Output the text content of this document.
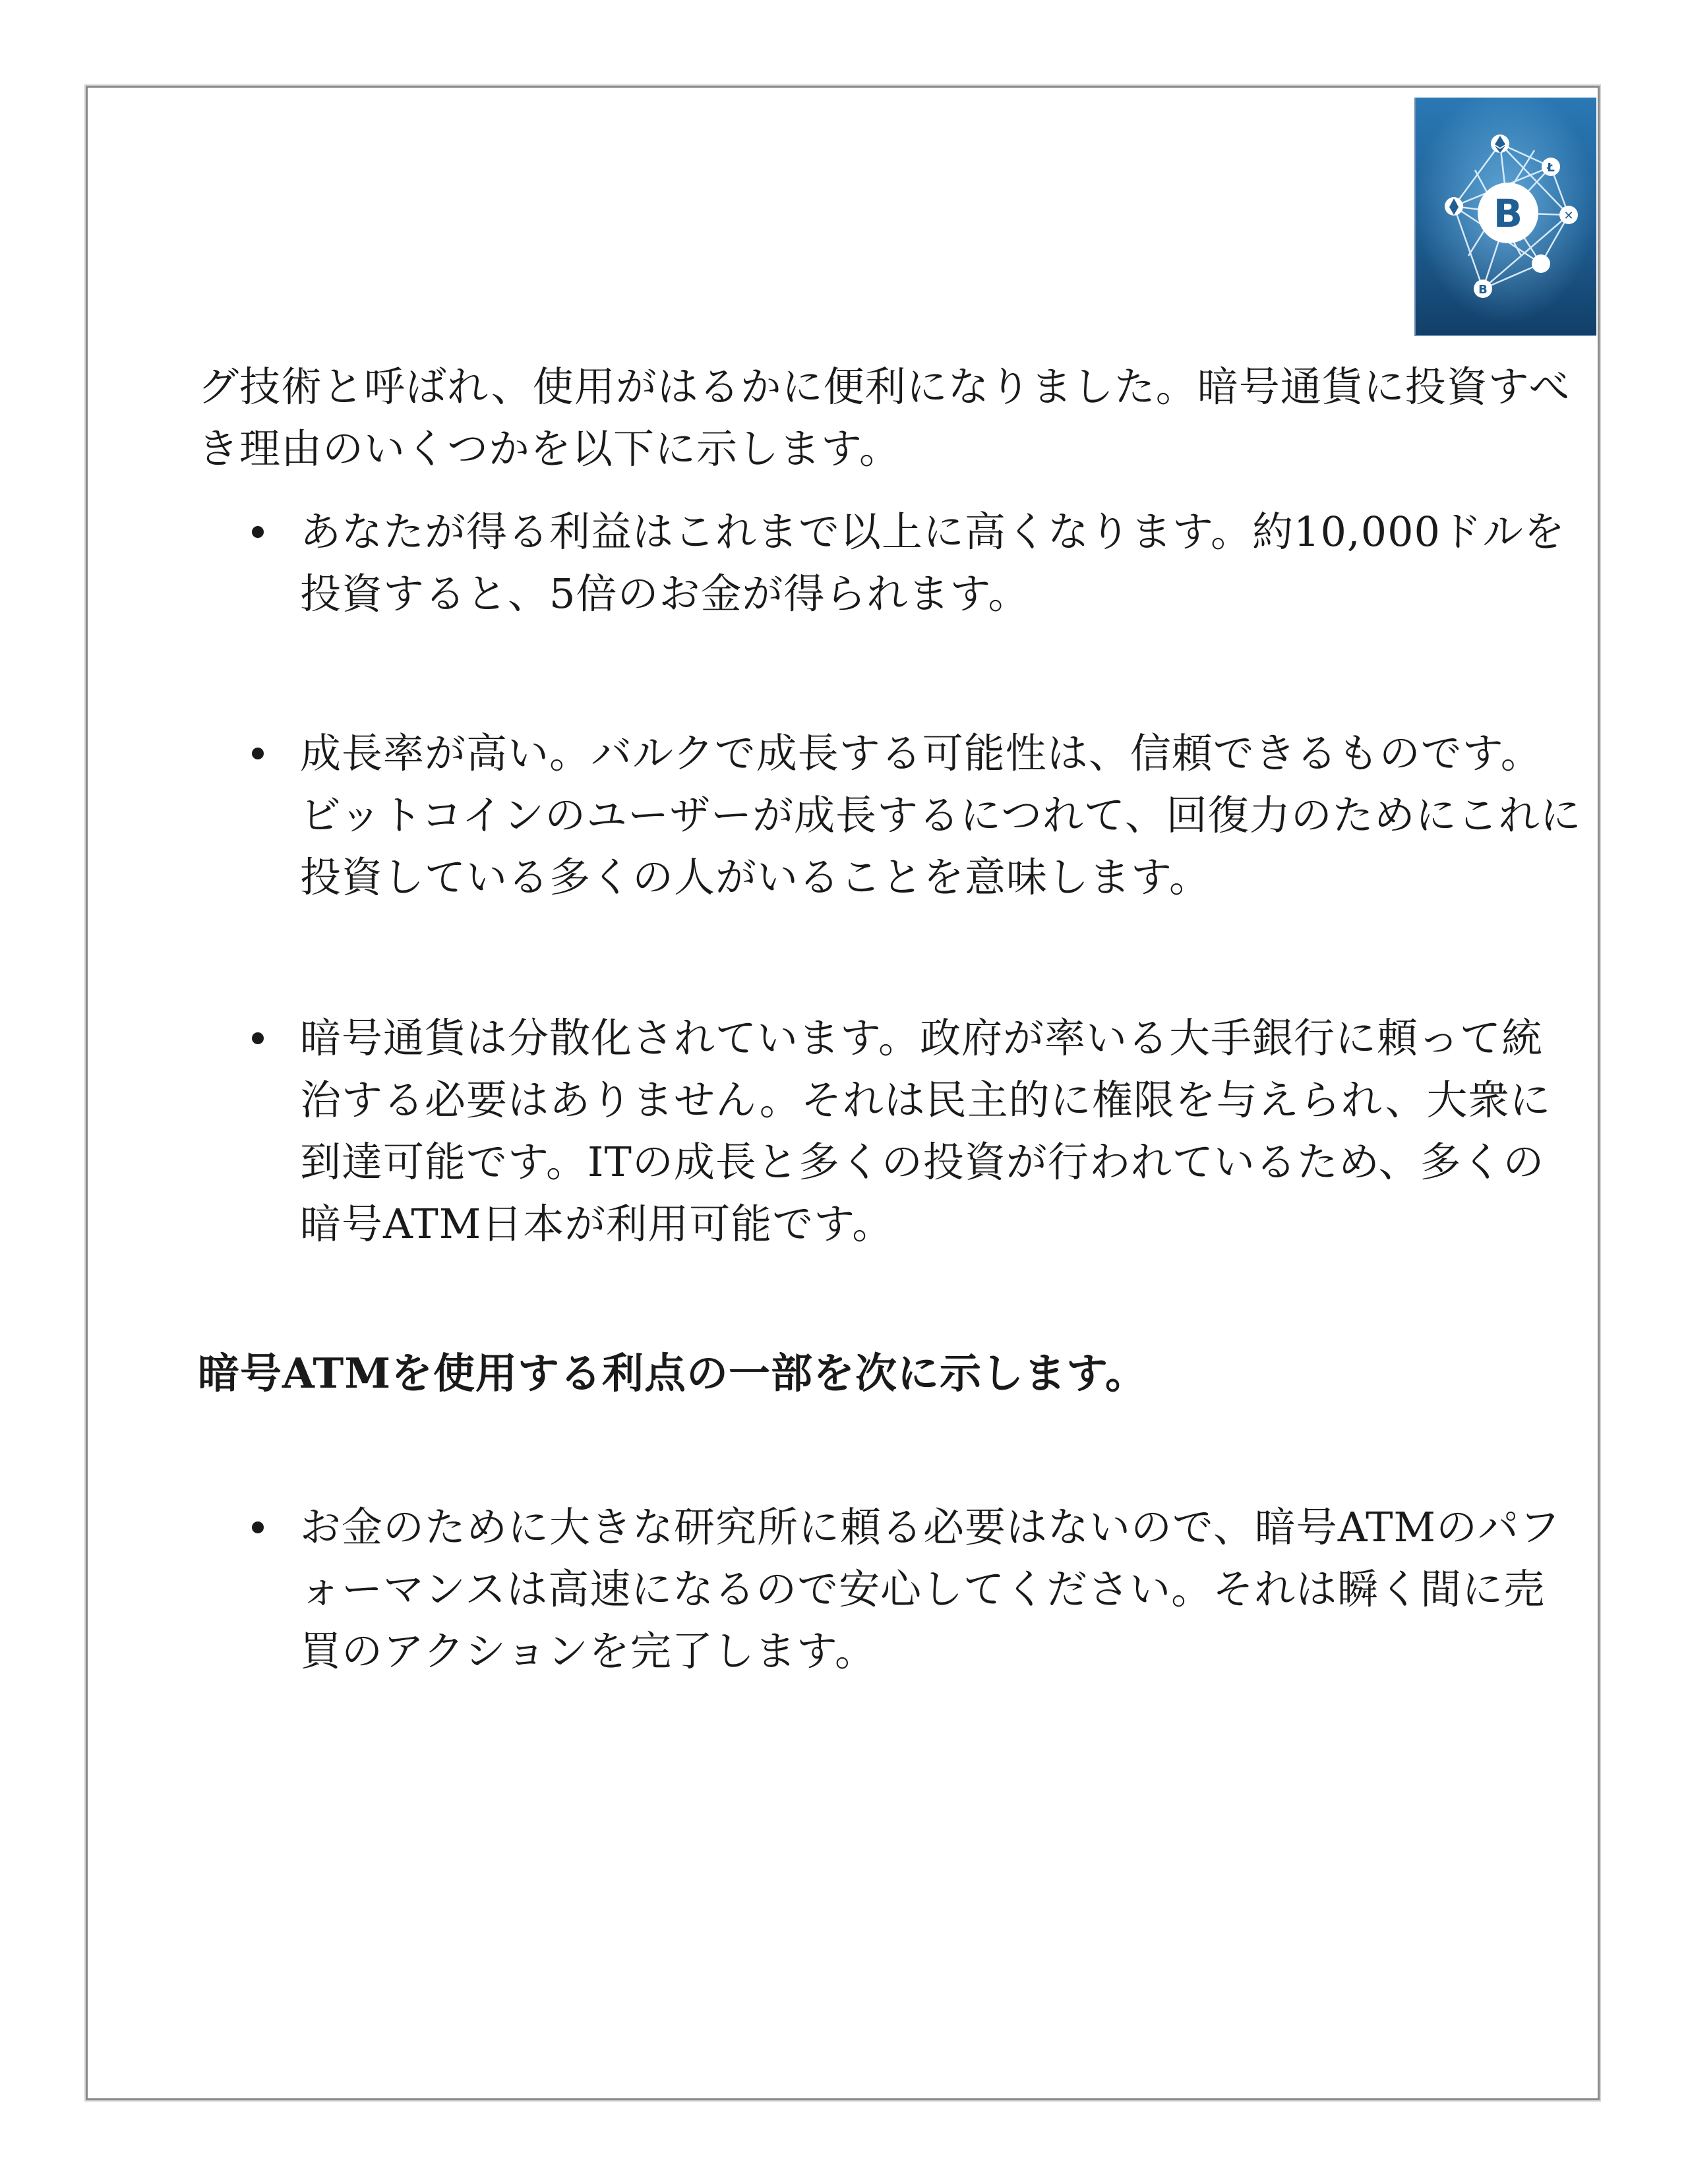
B
Ł
✕
B

グ技術と呼ばれ、使用がはるかに便利になりました。暗号通貨に投資すべき理由のいくつかを以下に示します。

あなたが得る利益はこれまで以上に高くなります。約10,000ドルを投資すると、5倍のお金が得られます。
成長率が高い。バルクで成長する可能性は、信頼できるものです。ビットコインのユーザーが成長するにつれて、回復力のためにこれに投資している多くの人がいることを意味します。
暗号通貨は分散化されています。政府が率いる大手銀行に頼って統治する必要はありません。それは民主的に権限を与えられ、大衆に到達可能です。ITの成長と多くの投資が行われているため、多くの暗号ATM日本が利用可能です。

暗号ATMを使用する利点の一部を次に示します。

お金のために大きな研究所に頼る必要はないので、暗号ATMのパフォーマンスは高速になるので安心してください。それは瞬く間に売買のアクションを完了します。
